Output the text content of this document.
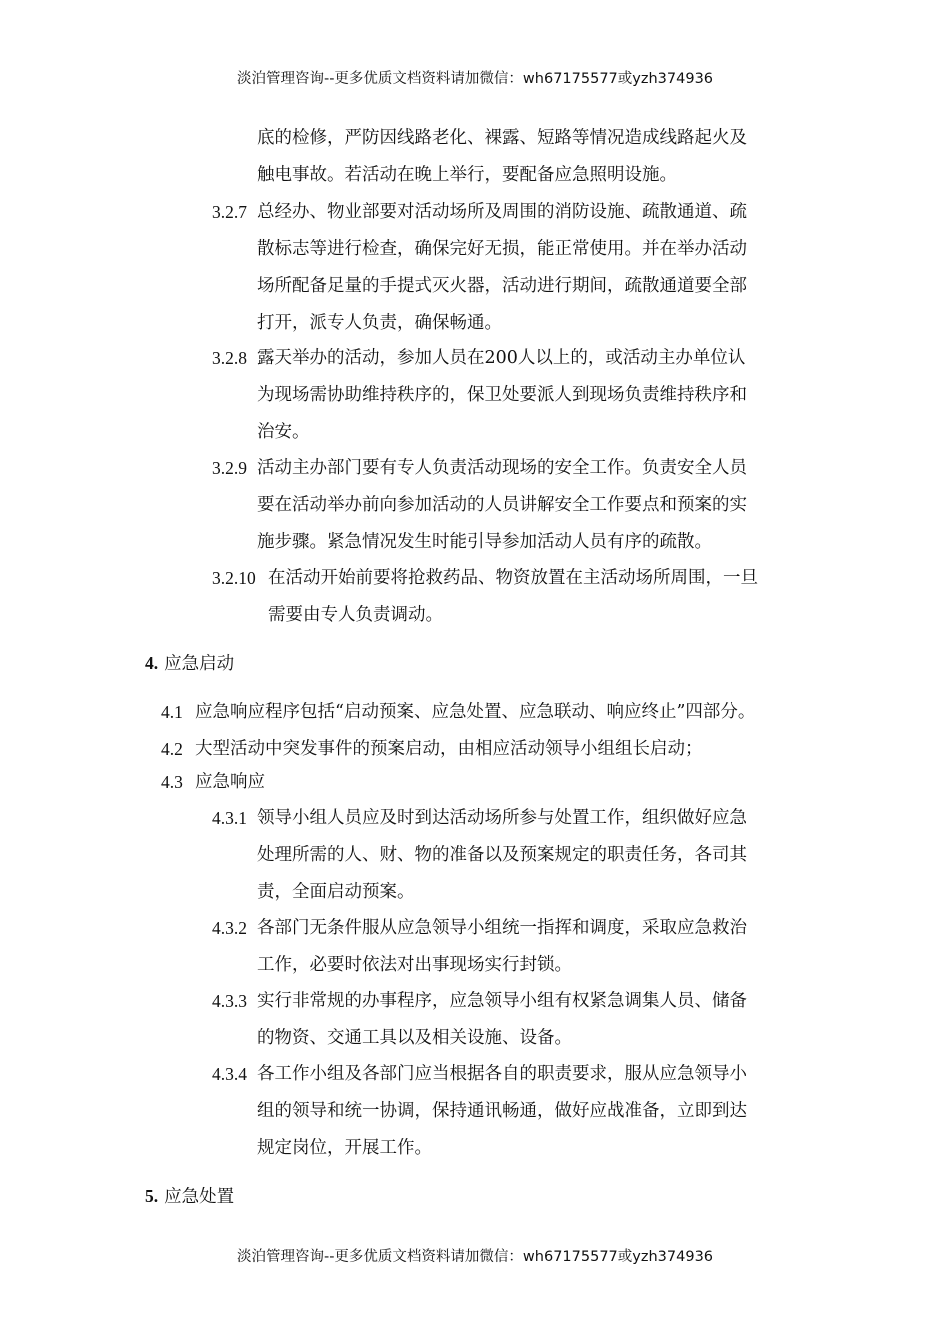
淡泊管理咨询--更多优质文档资料请加微信：wh67175577或yzh374936
底的检修，严防因线路老化、裸露、短路等情况造成线路起火及
触电事故。若活动在晚上举行，要配备应急照明设施。
3.2.7 总经办、物业部要对活动场所及周围的消防设施、疏散通道、疏
散标志等进行检查，确保完好无损，能正常使用。并在举办活动
场所配备足量的手提式灭火器，活动进行期间，疏散通道要全部
打开，派专人负责，确保畅通。
3.2.8 露天举办的活动，参加人员在200人以上的，或活动主办单位认
为现场需协助维持秩序的，保卫处要派人到现场负责维持秩序和
治安。
3.2.9 活动主办部门要有专人负责活动现场的安全工作。负责安全人员
要在活动举办前向参加活动的人员讲解安全工作要点和预案的实
施步骤。紧急情况发生时能引导参加活动人员有序的疏散。
3.2.10 在活动开始前要将抢救药品、物资放置在主活动场所周围，一旦
需要由专人负责调动。
4. 应急启动
4.1 应急响应程序包括“启动预案、应急处置、应急联动、响应终止”四部分。
4.2 大型活动中突发事件的预案启动，由相应活动领导小组组长启动；
4.3 应急响应
4.3.1 领导小组人员应及时到达活动场所参与处置工作，组织做好应急
处理所需的人、财、物的准备以及预案规定的职责任务，各司其
责，全面启动预案。
4.3.2 各部门无条件服从应急领导小组统一指挥和调度，采取应急救治
工作，必要时依法对出事现场实行封锁。
4.3.3 实行非常规的办事程序，应急领导小组有权紧急调集人员、储备
的物资、交通工具以及相关设施、设备。
4.3.4 各工作小组及各部门应当根据各自的职责要求，服从应急领导小
组的领导和统一协调，保持通讯畅通，做好应战准备，立即到达
规定岗位，开展工作。
5. 应急处置
淡泊管理咨询--更多优质文档资料请加微信：wh67175577或yzh374936
